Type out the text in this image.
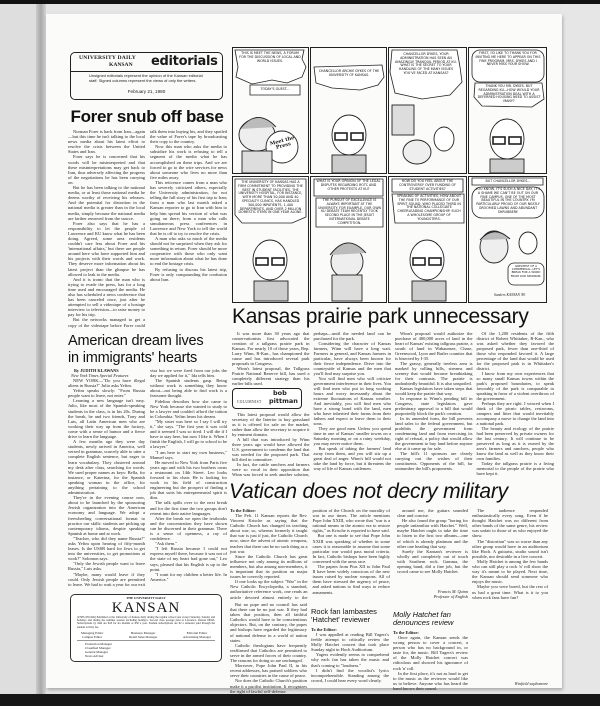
UNIVERSITY DAILY
KANSAN editorials
Unsigned editorials represent the opinion of the Kansan editorial staff. Signed columns represent the views of only the writers.
February 21, 1980
Forer snub off base

Norman Forer is back from Iran—again—but this time he isn't talking to the local news media about his latest effort to resolve the crisis between the United States and Iran.

Forer says he is concerned that his words will be misinterpreted and that these misinterpretations may get back to Iran, thus adversely affecting the progress of the negotiations he has been carrying on.

But he has been talking to the national media, or at least those national media he deems worthy of receiving his releases. And the potential for distortion in the national media is greater than in the local media, simply because the national media are farther removed from the source.

Forer also says that he has a responsibility to let the people of Lawrence and KU know what he has been doing. Agreed, some area residents couldn't care less about Forer and his 'international affairs,' but there are people around here who have supported him and his projects with their words and work. They deserve more information about his latest project than the glimpse he has allowed to leak to the media.

And it is ironic that the man who is trying to evade the press, has for a long time used and encouraged the media. He also has scheduled a news conference that has been canceled once, just after he attempted to sell a videotape of a hostage interview to television—to raise money to pay for his trip.

But the networks managed to get a copy of the videotape before Forer could talk them into buying his, and they spoiled the value of Forer's tape by broadcasting their copy to the country.

Now this man who asks the media to subsidize his work is refusing to tell a segment of the media what he has accomplished on these trips. And we are forced to go to the wire services for news about someone who lives no more than five miles away.

This reticence comes from a man who has severely criticized others, especially the University administration, for not telling the full story of his first trip to Iran; from a man who last month asked a Kansan reporter to go to Iran with him to help him spread his version of what was going on there; from a man who calls simultaneous press conferences in Lawrence and New York to tell the world that he is off to try to resolve the crisis.

A man who asks so much of the media should not be surprised when they ask for something in return. Forer should be more cooperative with those who only want more information about what he has done to end the hostage crisis.

By refusing to discuss his latest trip, Forer is only compounding the confusion about Iran.

American dream lives
in immigrants' hearts
By JUDITH KLAWANS
New York Times Special Features

NEW YORK—"Do you have illegal aliens in Russia?" Julio asks Yefim.

Yefim speaks slowly: "From Russia people want to leave, not enter."

Learning a new language isn't easy. Julio, like most of the Spanish-speaking students in the class, is in his 20s. During the break, he and two friends, Tony and Luis, all Latin American men who are working their way up from the factory, come with a sense of humor and a fierce drive to learn the language.

A few months ago they were day students, newly arrived in America, well versed in grammar, scarcely able to utter a complete English sentence, but eager to learn vocabulary. They clustered around my desk after class, searching for words. We used proper names as keys: Bella, for instance, or Katerina, for the Spanish speaking woman in the office, for anything pertaining to the school administration.

They're in the evening course now, about to be launched by the sponsoring Jewish organization into the American economy and language. We adopt a freewheeling conversational format to practice our skills: students are picking up contemporary idioms, despite speaking Spanish at home and at work.

"Teacher, who did they name Russia?" asks Yefim upon hearing of fifty-month leases. Is the USSR hard for Jews to get into the universities, to get promotions at work?" Solomon says.

"Only the Jewish people want to leave Russia," Luis asks.

"Maybe, many would leave if they could. Only Jewish people are permitted to leave. We had to wait a year for our exit visa but we were fired from our jobs the day we applied for it," Ida tells him.

The Spanish students gasp. Being without work is something they know about—not being able to find work is a fearsome thought.

Fidelina describes how she came to New York because she wanted to study to be a lawyer and couldn't afford the tuition in Colombia. Yefim hears his dream.

"My sister was here so I say I will try it," she says. "The first year it was cold and it seemed I was so tired. I will die if I have to stay here, but now I like it. When I finish the English, I will go to school to be a lawyer."

"I am here to start my own business," Manuel says.

He moved to New York from Paris five years ago and with his two brothers owns a restaurant on 14th Street. Leo looks forward to his chair. He is looking for work in his field of construction engineering but the prospect of finding a job that suits his entrepreneurial spirit is dim.

The talk spills over to the next break and for the first time the two groups don't retreat into their native languages.

After the break we open the textbooks and the concentration they have shown can be discerned in their grammar. There is a sense of openness, a ray of confidence.

"Ask them."

"I left Russia because I could not express myself there, because it was not of the state of my heart had gone out," Leo says, pleased that his English is up to the point.

"I want for my children a better life. In America."

THE UNIVERSITY DAILY
KANSAN
(USPS 650-640) Published at the University of Kansas daily during the regular school year except Saturday, Sunday and holidays and during the summer session excluding holidays. Second class postage paid at Lawrence, Kansas 66045. Subscriptions by mail are $18 for six months or $30 a year. Student subscriptions are $2 a semester paid through the student activity fee.
Managing Editor
Campus Editor
Business Manager
Retail Sales Manager
Editorial Editor
Advertising Manager
Production Manager
Classified Manager
General Manager
News Adviser
THIS IS MEET THE NEWS, A FORUM FOR THE DISCUSSION OF LOCAL AND WORLD ISSUES.
TODAY'S GUEST...
CHANCELLOR ARCHIE DYKES OF THE UNIVERSITY OF KANSAS.
CHANCELLOR DYKES, YOUR ADMINISTRATION HAS SEEN AN AMAZINGLY TRANQUIL PERIOD AT KU. WHAT IS THE SECRET TO YOUR HANDLING OF THE MANY ISSUES YOU'VE FACED AT KANSAS?
FIRST, I'D LIKE TO THANK YOU FOR INVITING ME HERE TO APPEAR ON THIS FINE PROGRAM. MRS. DYKES AND I NEVER MISS YOUR SHOW.
THANK YOU MR. DYKES. BUT REGARDING KU—HOW WOULD YOUR ADMINISTRATION DEAL WITH A DEFERRED HOUSING NEED TO ASSIST MANY?
THE UNIVERSITY OF KANSAS HAS A FIRM COMMITMENT TO PROVIDING THE BEST IN STUDENT FACILITIES. THE UNIVERSITY HOSPITAL, FOR INSTANCE, WITH MORE THAN 50,000 AND 40 SPECIALTY CLINICS, HAS HANDLED 300,000 INPATIENTS, 1,400 DEPARTMENTS, AND OVER 2 MILLION DOMESTIC ITEMS IN ONE YEAR ALONE.
WHAT IS YOUR OPINION OF THE LEGAL DISPUTES REGARDING ROTC AND OTHER PROTESTS AT KU?
THE PURSUIT OF EXCELLENCE IS ALWAYS IMPORTANT AT THE UNIVERSITY. FOR EXAMPLE, OUR OWN KU DEBATE TEAM RECENTLY TOOK SECOND PLACE IN THE JESUIT INTERNATIONAL DEBATE COMPETITION.
HOW DO YOU FEEL ABOUT THE CONTROVERSY OVER FUNDING OF STUDENT ACTIVITIES?
SPEAKING OF ACTIVITIES, HOW ABOUT THE FINE TV PERFORMANCE OF OUR SPIRIT SQUAD, WHO PLACED THIRD IN THE NATIONAL COLLEGIATE CHEERLEADING CHAMPIONSHIP. SUCH A WHOLESOME GROUP OF YOUNGSTERS.
BUT CHANCELLOR DYKES...
YOU KNOW, IT'S SUCH A NICE DAY, IT'S A SHAME WE CAN'T BE OUT ON OUR FINE CAMPUS, ONE OF THE MOST BEAUTIFUL IN THE COUNTRY. I'M PARTICULARLY PROUD OF OUR NEATLY GROOMED LAWNS AND ABUNDANT SHRUBBERY.
GREATEST OF A COMMERCIAL, LET'S BREAK FOR A WORD FROM OUR SPONSOR.
Meet the Press
Sanders KANSAN '80
Kansas prairie park unnecessary

It was more than 30 years ago that conservationists first advocated the creation of a tallgrass prairie park in Kansas. For nearly 10 of those years, Rep. Larry Winn, R-Kan., has championed the cause and has introduced several park proposals in Congress.

Winn's latest proposal, the Tallgrass Prairie National Reserve bill, has used a completely different strategy than his earlier bills used.

COLUMNIST
bob
pittman

This latest proposal would allow the secretary of the Interior to buy grassland as it is offered for sale on the market, rather than allow the secretary to acquire it by eminent domain.

A bill that was introduced by Winn three years ago would have allowed the U.S. government to condemn the land that was needed for the proposed park. That bill died in committee.

In fact, the cattle ranchers and farmers were so vocal in their opposition that Winn was forced to seek another solution, perhaps—until the needed land can be purchased for the park.

Considering the character of Kansas farmers, Winn will have a long wait. Farmers in general, and Kansas farmers in particular, have always been known for their fierce independence. Drive into the countryside of Kansas and the men that you'll find may surprise you.

You will find men who will criticize government interference in their lives. You will find men who put in long working hours and worry incessantly about the extreme fluctuations of Kansas weather. And inevitably, you will find men who have a strong bond with the land, men who have inherited their farms from their fathers and expect to leave them to their sons.

They are good men. Unless you spend time in one of Kansas' smaller towns on a Saturday morning or on a rainy weekday, you may never notice them.

But speak of taking the farmers' land away from them, and you will stir up a great deal of anger. Winn's bill would not take the land by force, but it threatens the way of life of Kansas cattlemen.

Winn's proposal would authorize the purchase of 400,000 acres of land in the heart of Kansas' existing tallgrass prairie, a swath of land in Wabaunsee, Chase, Greenwood, Lyon and Butler counties that is bisected by I-35.

The grassy, generally treeless area is marked by rolling hills, streams and scenery that would become breathtaking for their contrasts. The prairie is undoubtedly beautiful. It is also unspoiled.

Kansas legislators have taken steps that would keep the prairie that way.

In response to Winn's pending bill in Congress, state legislators gave preliminary approval to a bill that would purportedly block the park's creation.

In its amended form, the bill prevents land sales to the federal government, but prohibits the government from condemning land and from exercising its right of refusal, a policy that would allow the government to buy land before anyone else at it came up for sale.

The bill's 11 sponsors are clearly carrying out the wishes of their constituents. Opponents of the bill, far outnumber the bill's proponents.

Of the 1,200 residents of the fifth district of Robert Whittaker, R-Kan., who was asked whether they favored the proposed park, fewer than one-third of those who responded favored it. A large percentage of the land that would be used for the proposed park is in Whittaker's district.

I know from my own experiences that so many small Kansas towns within the park's proposed boundaries, to speak favorably of the park is comparable to speaking in favor of a violent overthrow of the government.

Perhaps they are right. I winced when I think of the picnic tables, restrooms, campers and litter that would inevitably accompany a move to change the land into a national park.

The beauty and ecology of the prairie had been preserved by private owners for the last century. It will continue to be preserved as long as it is owned by the area's farmers and ranchers, people who know the land as well as they know their own families.

Today the tallgrass prairie is a living memorial to the people of the prairie who have kept it.

Vatican does not decry military
To the Editor:

The Feb. 11 Kansan reports the Rev. Vincent Krische as saying that the Catholic Church has changed its teaching about war; so, whereas formerly it taught that war is just if just, the Catholic Church now, since the advent of atomic weapons, teaches that there can be no such thing as a just war.

Since the Catholic Church has great influence not only among its millions of members, but also among non-members, it is important that its position on major issues be correctly reported.

If one looks up the subject "War" in the New Catholic Encyclopedia, a standard, authoritative reference work, one reads an article devoted almost entirely to the position of the Church on the morality of war in our times. The article mentions Pope John XXIII, who wrote that "war is a rational means in the atomic era to restore rights," as Krische is reported to have said.

But one is made to see that Pope John XXIII was speaking of whether in some cases it is reasonable to assume that some particular war would pass moral criteria. In fact, Catholic bishops have been highly concerned with the arms race.

The papers from Pius XII to John Paul II have been widely conscious of the new issues raised by nuclear weapons. All of them have stressed the urgency of peace, and asked nations to find ways to reduce armaments.

But no pope and no council has said that there can be no just war. If they had taken that position, then all faithful Catholics would have to be conscientious objectors. But, on the contrary, the popes and bishops have regarded the legitimacy of national defense in a world of nation states.

Catholic theologians have frequently reaffirmed that Catholics are permitted to serve in the armed forces of their country. The reasons for doing so are unchanged.

Moreover, Pope John Paul II, in his recent addresses, has praised soldiers who serve their countries in the cause of peace.

Nor does the Catholic Church's position make it a pacifist institution. It recognizes the right of lawful self-defense.

around me, the guitars sounded clear and concise.

He also found the group "boring for people unfamiliar with Hatchet." Well, maybe Hatchet ought to take the time to listen to the first two albums—one of which is already platinum and the other one heading that way.

Surely the Kansan's reviewer is wholly and completely out of touch with Southern rock. Gamma, the opening band, did a fine job, but the crowd came to see Molly Hatchet.

Francis M. Quinn
Professor of English

The audience responded enthusiastically every song. Even if he thought Hatchet was no different from other bands of the same genre, his review was unfair to those of us who enjoyed the show.

The "distortion" was so worse than any other group would have in an auditorium like Hoch. A guitarist, studio sound isn't possible, nor desirable in a live concert.

Molly Hatchet is among the few bands who can still play a rock 'n' roll show the way it's meant to be played. Next time, the Kansan should send someone who enjoys the music.

Maybe you were bored, but the rest of us had a great time. What is it to you when rock fans have fun?

Winfield sophomore
Rock fan lambastes
'Hatchet' reviewer
To the Editor:

I was appalled at reading Bill Yagers's feeble attempt to critically review the Molly Hatchet concert that took place Sunday night in Hoch Auditorium.

Yagers evidently seems to comprehend why each fan has taken the music and that's coming to "loudness."

I didn't find the vocalist's lyrics incomprehensible. Standing among the crowd, I could hear every word clearly.

Molly Hatchet fan
denounces review
To the Editor:

Once again, the Kansan sends the wrong person to cover a concert, a person who has no background in, or taste for, the music. Bill Yagers's review of the Molly Hatchet concert was ridiculous and showed his ignorance of rock 'n' roll.

In the first place, it's not as hard to get to the music as the reviewer would like us to believe. Anyone who has heard the band knows their sound.
